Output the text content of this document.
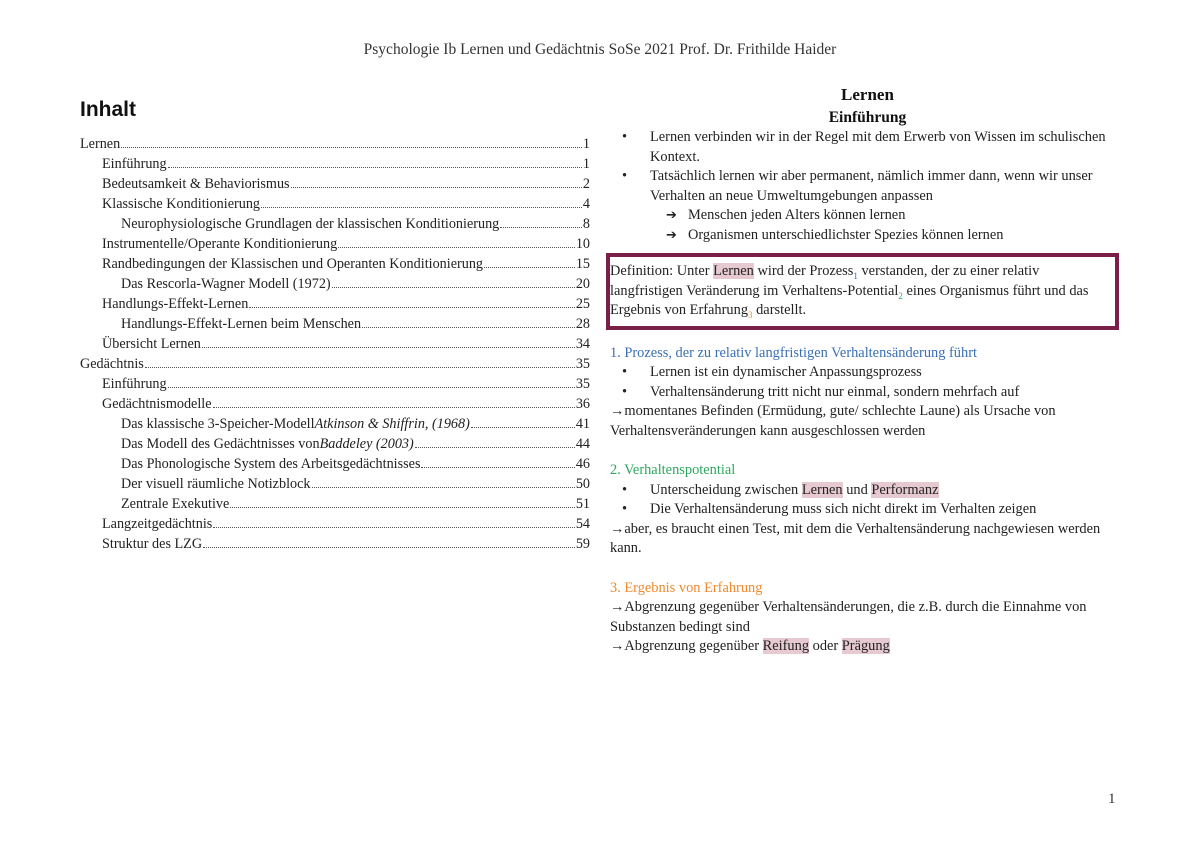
Psychologie Ib Lernen und Gedächtnis SoSe 2021 Prof. Dr. Frithilde Haider
Inhalt
Lernen	1
Einführung	1
Bedeutsamkeit & Behaviorismus	2
Klassische Konditionierung	4
Neurophysiologische Grundlagen der klassischen Konditionierung	8
Instrumentelle/Operante Konditionierung	10
Randbedingungen der Klassischen und Operanten Konditionierung	15
Das Rescorla-Wagner Modell (1972)	20
Handlungs-Effekt-Lernen	25
Handlungs-Effekt-Lernen beim Menschen	28
Übersicht Lernen	34
Gedächtnis	35
Einführung	35
Gedächtnismodelle	36
Das klassische 3-Speicher-Modell Atkinson & Shiffrin, (1968)	41
Das Modell des Gedächtnisses von Baddeley (2003)	44
Das Phonologische System des Arbeitsgedächtnisses	46
Der visuell räumliche Notizblock	50
Zentrale Exekutive	51
Langzeitgedächtnis	54
Struktur des LZG	59
Lernen
Einführung
• Lernen verbinden wir in der Regel mit dem Erwerb von Wissen im schulischen Kontext.
• Tatsächlich lernen wir aber permanent, nämlich immer dann, wenn wir unser Verhalten an neue Umweltumgebungen anpassen
➔ Menschen jeden Alters können lernen
➔ Organismen unterschiedlichster Spezies können lernen
Definition: Unter Lernen wird der Prozess$_1$ verstanden, der zu einer relativ langfristigen Veränderung im Verhaltens-Potential$_2$ eines Organismus führt und das Ergebnis von Erfahrung$_3$ darstellt.
1. Prozess, der zu relativ langfristigen Verhaltensänderung führt
• Lernen ist ein dynamischer Anpassungsprozess
• Verhaltensänderung tritt nicht nur einmal, sondern mehrfach auf
→momentanes Befinden (Ermüdung, gute/ schlechte Laune) als Ursache von Verhaltensveränderungen kann ausgeschlossen werden
2. Verhaltenspotential
• Unterscheidung zwischen Lernen und Performanz
• Die Verhaltensänderung muss sich nicht direkt im Verhalten zeigen
→aber, es braucht einen Test, mit dem die Verhaltensänderung nachgewiesen werden kann.
3. Ergebnis von Erfahrung
→Abgrenzung gegenüber Verhaltensänderungen, die z.B. durch die Einnahme von Substanzen bedingt sind
→Abgrenzung gegenüber Reifung oder Prägung
1
